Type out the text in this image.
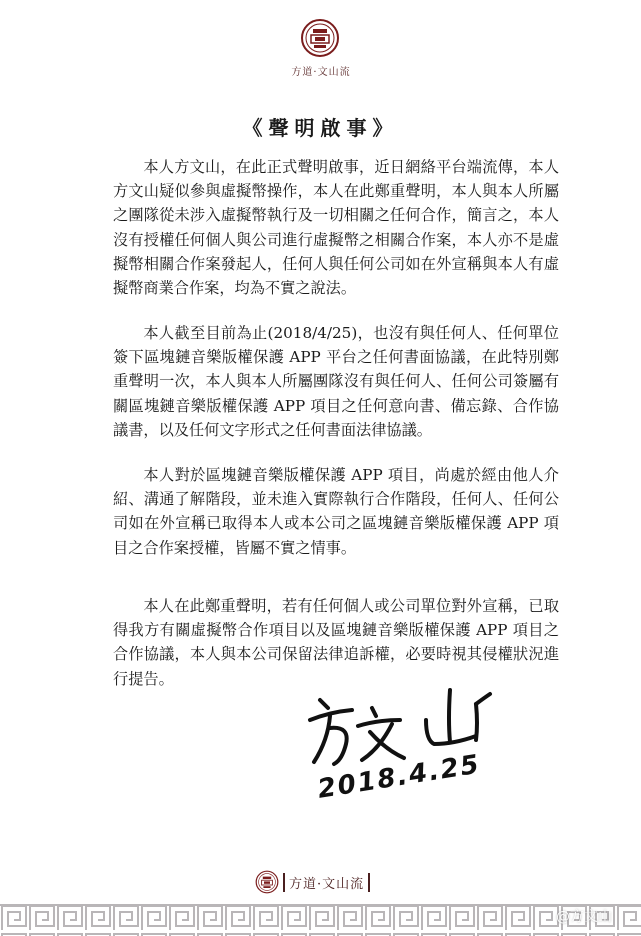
方道·文山流
《聲明啟事》

本人方文山，在此正式聲明啟事，近日網絡平台端流傳，本人方文山疑似參與虛擬幣操作，本人在此鄭重聲明，本人與本人所屬之團隊從未涉入虛擬幣執行及一切相關之任何合作，簡言之，本人沒有授權任何個人與公司進行虛擬幣之相關合作案，本人亦不是虛擬幣相關合作案發起人，任何人與任何公司如在外宣稱與本人有虛擬幣商業合作案，均為不實之說法。

本人截至目前為止(2018/4/25)，也沒有與任何人、任何單位簽下區塊鏈音樂版權保護 APP 平台之任何書面協議，在此特別鄭重聲明一次，本人與本人所屬團隊沒有與任何人、任何公司簽屬有關區塊鏈音樂版權保護 APP 項目之任何意向書、備忘錄、合作協議書，以及任何文字形式之任何書面法律協議。

本人對於區塊鏈音樂版權保護 APP 項目，尚處於經由他人介紹、溝通了解階段，並未進入實際執行合作階段，任何人、任何公司如在外宣稱已取得本人或本公司之區塊鏈音樂版權保護 APP 項目之合作案授權，皆屬不實之情事。

本人在此鄭重聲明，若有任何個人或公司單位對外宣稱，已取得我方有關虛擬幣合作項目以及區塊鏈音樂版權保護 APP 項目之合作協議，本人與本公司保留法律追訴權，必要時視其侵權狀況進行提告。

2018.4.25
方道·文山流
@方文山
